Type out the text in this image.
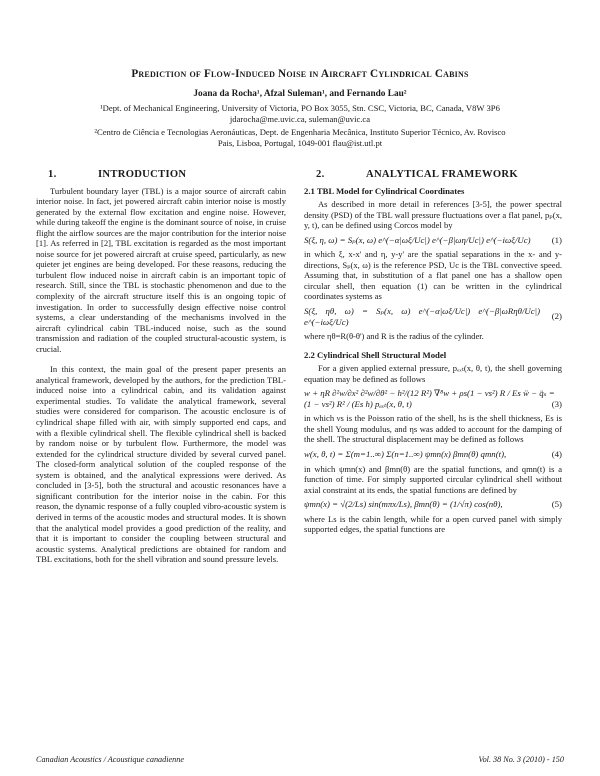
Prediction of Flow-Induced Noise in Aircraft Cylindrical Cabins
Joana da Rocha¹, Afzal Suleman¹, and Fernando Lau²
¹Dept. of Mechanical Engineering, University of Victoria, PO Box 3055, Stn. CSC, Victoria, BC, Canada, V8W 3P6
jdarocha@me.uvic.ca, suleman@uvic.ca
²Centro de Ciência e Tecnologias Aeronáuticas, Dept. de Engenharia Mecânica, Instituto Superior Técnico, Av. Rovisco
Pais, Lisboa, Portugal, 1049-001 flau@ist.utl.pt
1.	INTRODUCTION

Turbulent boundary layer (TBL) is a major source of aircraft cabin interior noise. In fact, jet powered aircraft cabin interior noise is mostly generated by the external flow excitation and engine noise. However, while during takeoff the engine is the dominant source of noise, in cruise flight the airflow sources are the major contribution for the interior noise [1]. As referred in [2], TBL excitation is regarded as the most important noise source for jet powered aircraft at cruise speed, particularly, as new quieter jet engines are being developed. For these reasons, reducing the turbulent flow induced noise in aircraft cabin is an important topic of research. Still, since the TBL is stochastic phenomenon and due to the complexity of the aircraft structure itself this is an ongoing topic of investigation. In order to successfully design effective noise control systems, a clear understanding of the mechanisms involved in the aircraft cylindrical cabin TBL-induced noise, such as the sound transmission and radiation of the coupled structural-acoustic system, is crucial.

In this context, the main goal of the present paper presents an analytical framework, developed by the authors, for the prediction TBL-induced noise into a cylindrical cabin, and its validation against experimental studies. To validate the analytical framework, several studies were considered for comparison. The acoustic enclosure is of cylindrical shape filled with air, with simply supported end caps, and with a flexible cylindrical shell. The flexible cylindrical shell is backed by random noise or by turbulent flow. Furthermore, the model was extended for the cylindrical structure divided by several curved panel. The closed-form analytical solution of the coupled response of the system is obtained, and the analytical expressions were derived. As concluded in [3-5], both the structural and acoustic resonances have a significant contribution for the interior noise in the cabin. For this reason, the dynamic response of a fully coupled vibro-acoustic system is derived in terms of the acoustic modes and structural modes. It is shown that the analytical model provides a good prediction of the reality, and that it is important to consider the coupling between structural and acoustic systems. Analytical predictions are obtained for random and TBL excitations, both for the shell vibration and sound pressure levels.

2.	ANALYTICAL FRAMEWORK
2.1 TBL Model for Cylindrical Coordinates

As described in more detail in references [3-5], the power spectral density (PSD) of the TBL wall pressure fluctuations over a flat panel, pₚ(x, y, t), can be defined using Corcos model by

S(ξ, η, ω) = Sₚ(x, ω) e^(−α|ωξ/Uc|) e^(−β|ωη/Uc|) e^(−iωξ/Uc)	(1)

in which ξ, x-x' and η, y-y' are the spatial separations in the x- and y-directions, Sₚ(x, ω) is the reference PSD, Uc is the TBL convective speed. Assuming that, in substitution of a flat panel one has a shallow open circular shell, then equation (1) can be written in the cylindrical coordinates systems as

S(ξ, ηθ, ω) = Sₚ(x, ω) e^(−α|ωξ/Uc|) e^(−β|ωRηθ/Uc|) e^(−iωξ/Uc)
(2)

where ηθ=R(θ-θ') and R is the radius of the cylinder.

2.2 Cylindrical Shell Structural Model

For a given applied external pressure, pₑₓₜ(x, θ, t), the shell governing equation may be defined as follows

w + ηR ∂²w/∂x² ∂²w/∂θ² − h²/(12 R²) ∇⁸w + ρs(1 − νs²) R / Es ẅ − q̈ₛ =
(1 − νs²) R² / (Es h) pₑₓₜ(x, θ, t)	(3)

in which νs is the Poisson ratio of the shell, hs is the shell thickness, Es is the shell Young modulus, and ηs was added to account for the damping of the shell. The structural displacement may be defined as follows

w(x, θ, t) = Σ(m=1..∞) Σ(n=1..∞) ψmn(x) βmn(θ) qmn(t),	(4)

in which ψmn(x) and βmn(θ) are the spatial functions, and qmn(t) is a function of time. For simply supported circular cylindrical shell without axial constraint at its ends, the spatial functions are defined by

ψmn(x) = √(2/Ls) sin(mπx/Ls), βmn(θ) = (1/√π) cos(nθ),	(5)

where Ls is the cabin length, while for a open curved panel with simply supported edges, the spatial functions are

Canadian Acoustics / Acoustique canadienne	Vol. 38 No. 3 (2010) - 150
